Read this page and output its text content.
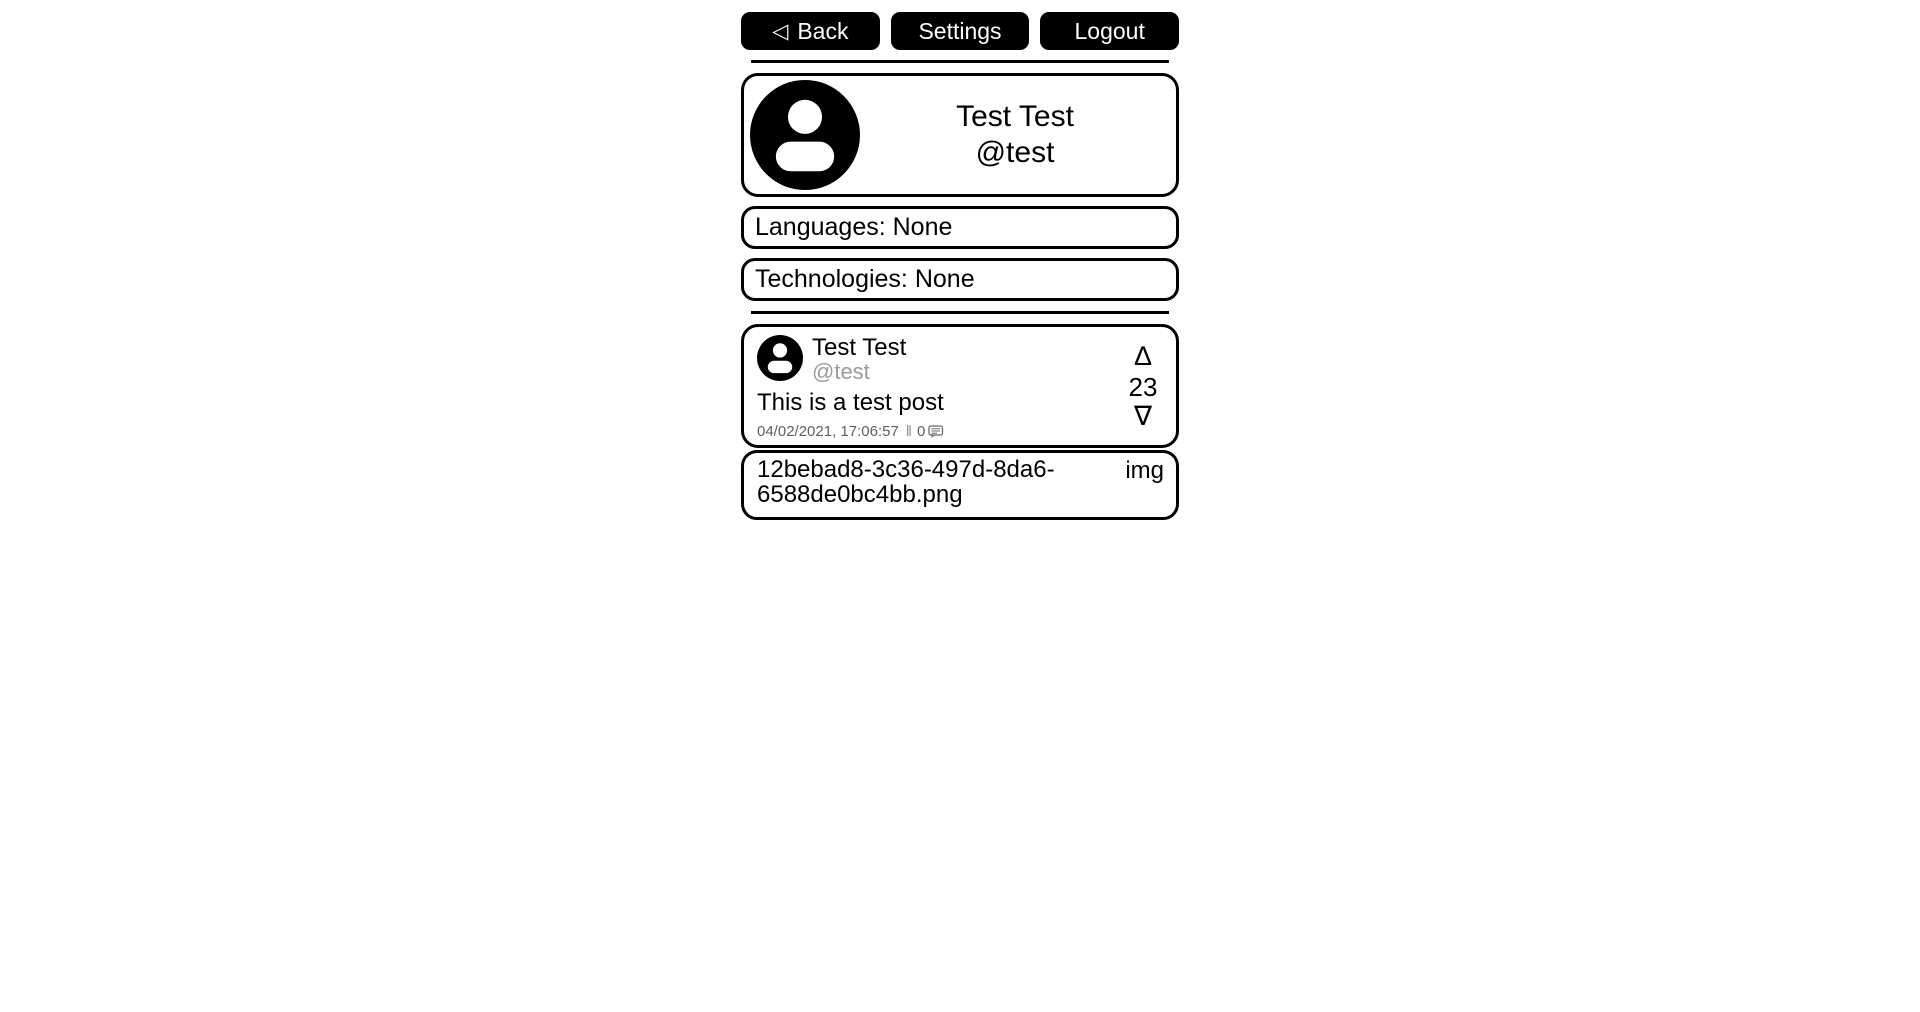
◁ Back	Settings	Logout
Test Test
@test
Languages: None
Technologies: None
Test Test
@test
This is a test post
04/02/2021, 17:06:57 ‖ 0
∆
23
∇
12bebad8-3c36-497d-8da6-6588de0bc4bb.png
img
